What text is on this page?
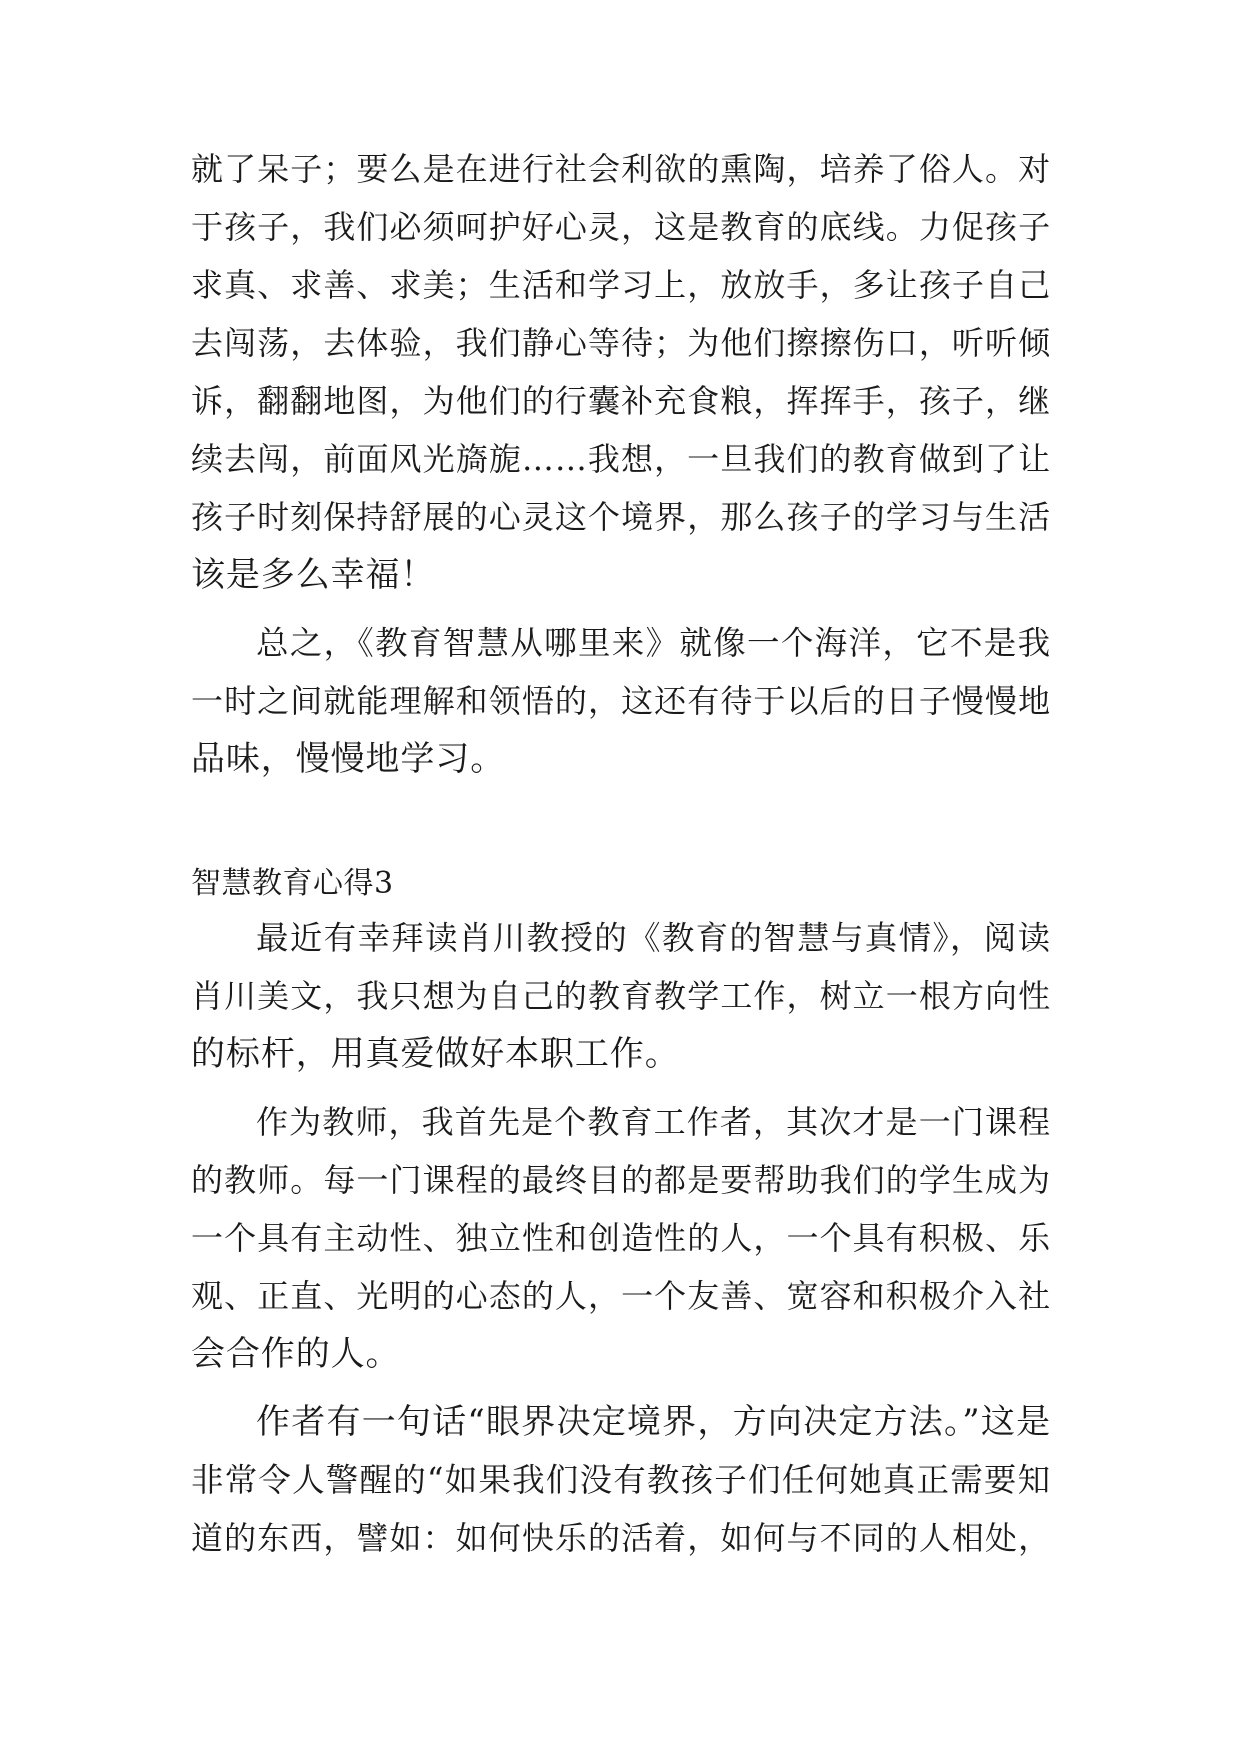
就了呆子；要么是在进行社会利欲的熏陶，培养了俗人。对
于孩子，我们必须呵护好心灵，这是教育的底线。力促孩子
求真、求善、求美；生活和学习上，放放手，多让孩子自己
去闯荡，去体验，我们静心等待；为他们擦擦伤口，听听倾
诉，翻翻地图，为他们的行囊补充食粮，挥挥手，孩子，继
续去闯，前面风光旖旎……我想，一旦我们的教育做到了让
孩子时刻保持舒展的心灵这个境界，那么孩子的学习与生活
该是多么幸福！
总之，《教育智慧从哪里来》就像一个海洋，它不是我
一时之间就能理解和领悟的，这还有待于以后的日子慢慢地
品味，慢慢地学习。
智慧教育心得3
最近有幸拜读肖川教授的《教育的智慧与真情》，阅读
肖川美文，我只想为自己的教育教学工作，树立一根方向性
的标杆，用真爱做好本职工作。
作为教师，我首先是个教育工作者，其次才是一门课程
的教师。每一门课程的最终目的都是要帮助我们的学生成为
一个具有主动性、独立性和创造性的人，一个具有积极、乐
观、正直、光明的心态的人，一个友善、宽容和积极介入社
会合作的人。
作者有一句话“眼界决定境界，方向决定方法。”这是
非常令人警醒的“如果我们没有教孩子们任何她真正需要知
道的东西，譬如：如何快乐的活着，如何与不同的人相处，
